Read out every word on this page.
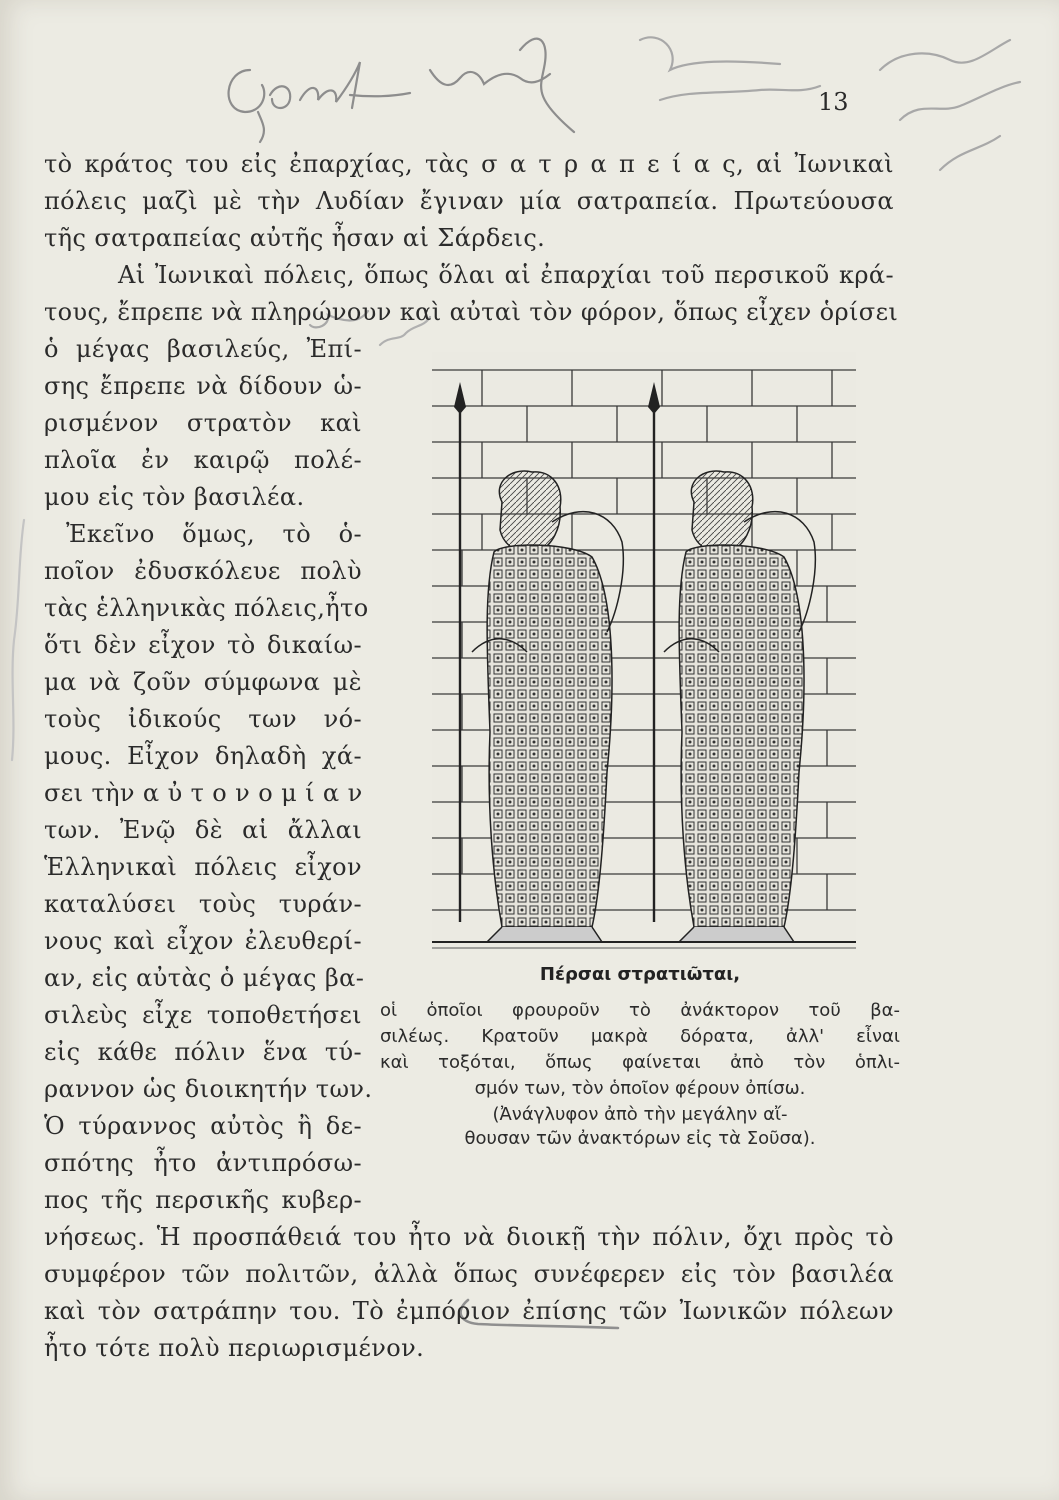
13
τὸ κράτος του εἰς ἐπαρχίας, τὰς σ α τ ρ α π ε ί α ς, αἱ Ἰωνικαὶ
πόλεις μαζὶ μὲ τὴν Λυδίαν ἔγιναν μία σατραπεία. Πρωτεύουσα
τῆς σατραπείας αὐτῆς ἦσαν αἱ Σάρδεις.
Αἱ Ἰωνικαὶ πόλεις, ὅπως ὅλαι αἱ ἐπαρχίαι τοῦ περσικοῦ κρά-
τους, ἔπρεπε νὰ πληρώνουν καὶ αὐταὶ τὸν φόρον, ὅπως εἶχεν ὁρίσει
ὁ μέγας βασιλεύς, Ἐπί-
σης ἔπρεπε νὰ δίδουν ὡ-
ρισμένον στρατὸν καὶ
πλοῖα ἐν καιρῷ πολέ-
μου εἰς τὸν βασιλέα.
Ἐκεῖνο ὅμως, τὸ ὁ-
ποῖον ἐδυσκόλευε πολὺ
τὰς ἑλληνικὰς πόλεις,ἦτο
ὅτι δὲν εἶχον τὸ δικαίω-
μα νὰ ζοῦν σύμφωνα μὲ
τοὺς ἰδικούς των νό-
μους. Εἶχον δηλαδὴ χά-
σει τὴν α ὐ τ ο ν ο μ ί α ν
των. Ἐνῷ δὲ αἱ ἄλλαι
Ἑλληνικαὶ πόλεις εἶχον
καταλύσει τοὺς τυράν-
νους καὶ εἶχον ἐλευθερί-
αν, εἰς αὐτὰς ὁ μέγας βα-
σιλεὺς εἶχε τοποθετήσει
εἰς κάθε πόλιν ἕνα τύ-
ραννον ὡς διοικητήν των.
Ὁ τύραννος αὐτὸς ἢ δε-
σπότης ἦτο ἀντιπρόσω-
πος τῆς περσικῆς κυβερ-
νήσεως. Ἡ προσπάθειά του ἦτο νὰ διοικῇ τὴν πόλιν, ὄχι πρὸς τὸ
συμφέρον τῶν πολιτῶν, ἀλλὰ ὅπως συνέφερεν εἰς τὸν βασιλέα
καὶ τὸν σατράπην του. Τὸ ἐμπόριον ἐπίσης τῶν Ἰωνικῶν πόλεων
ἦτο τότε πολὺ περιωρισμένον.
Πέρσαι στρατιῶται,
οἱ ὁποῖοι φρουροῦν τὸ ἀνάκτορον τοῦ βα-
σιλέως. Κρατοῦν μακρὰ δόρατα, ἀλλ' εἶναι
καὶ τοξόται, ὅπως φαίνεται ἀπὸ τὸν ὁπλι-
σμόν των, τὸν ὁποῖον φέρουν ὀπίσω.
(Ἀνάγλυφον ἀπὸ τὴν μεγάλην αἴ-
θουσαν τῶν ἀνακτόρων εἰς τὰ Σοῦσα).
